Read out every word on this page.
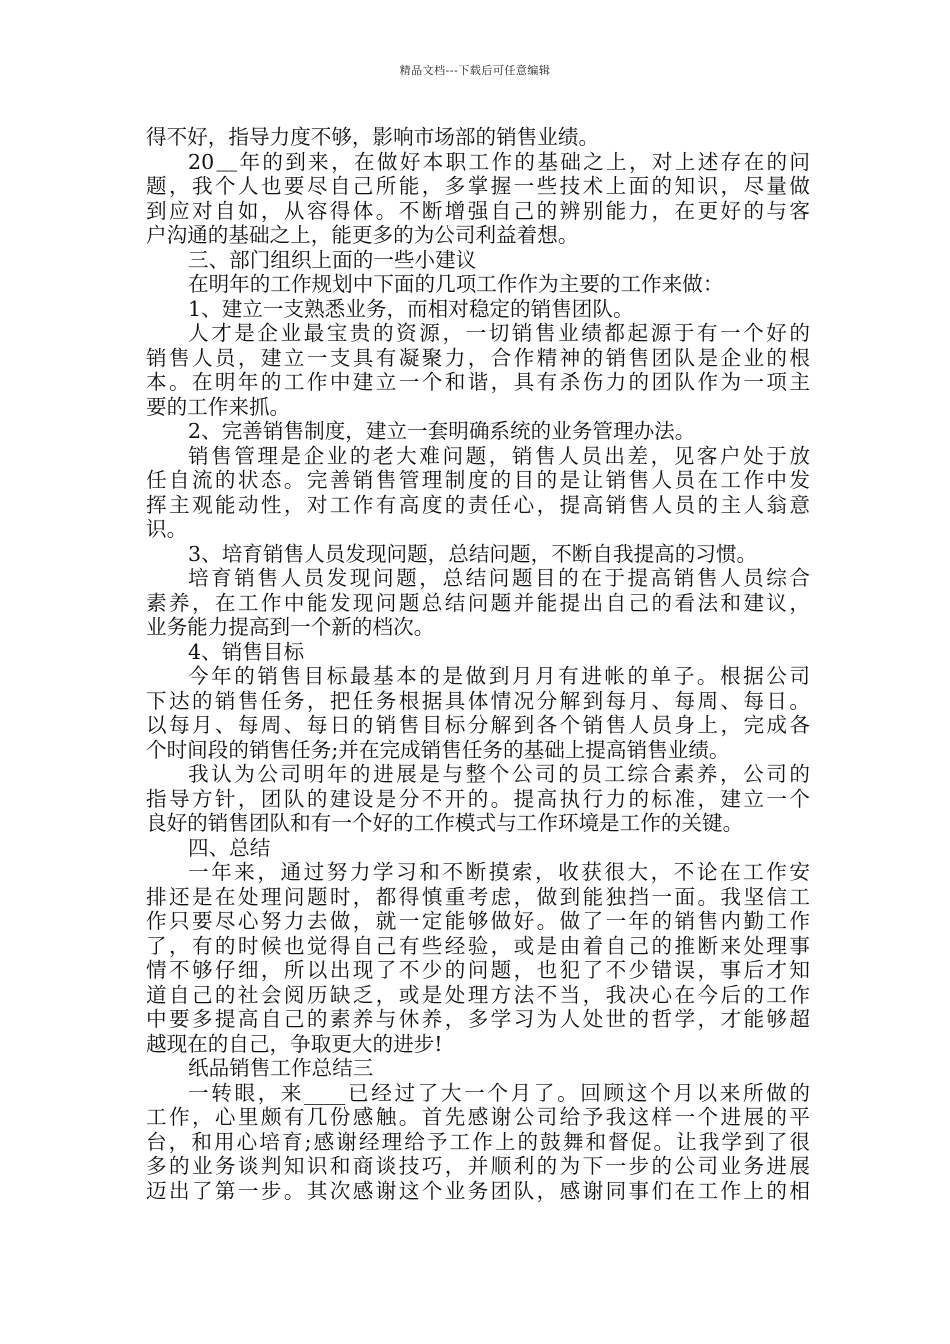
精品文档---下载后可任意编辑
得不好，指导力度不够，影响市场部的销售业绩。
20＿年的到来，在做好本职工作的基础之上，对上述存在的问
题，我个人也要尽自己所能，多掌握一些技术上面的知识，尽量做
到应对自如，从容得体。不断增强自己的辨别能力，在更好的与客
户沟通的基础之上，能更多的为公司利益着想。
三、部门组织上面的一些小建议
在明年的工作规划中下面的几项工作作为主要的工作来做：
1、建立一支熟悉业务，而相对稳定的销售团队。
人才是企业最宝贵的资源，一切销售业绩都起源于有一个好的
销售人员，建立一支具有凝聚力，合作精神的销售团队是企业的根
本。在明年的工作中建立一个和谐，具有杀伤力的团队作为一项主
要的工作来抓。
2、完善销售制度，建立一套明确系统的业务管理办法。
销售管理是企业的老大难问题，销售人员出差，见客户处于放
任自流的状态。完善销售管理制度的目的是让销售人员在工作中发
挥主观能动性，对工作有高度的责任心，提高销售人员的主人翁意
识。
3、培育销售人员发现问题，总结问题，不断自我提高的习惯。
培育销售人员发现问题，总结问题目的在于提高销售人员综合
素养，在工作中能发现问题总结问题并能提出自己的看法和建议，
业务能力提高到一个新的档次。
4、销售目标
今年的销售目标最基本的是做到月月有进帐的单子。根据公司
下达的销售任务，把任务根据具体情况分解到每月、每周、每日。
以每月、每周、每日的销售目标分解到各个销售人员身上，完成各
个时间段的销售任务;并在完成销售任务的基础上提高销售业绩。
我认为公司明年的进展是与整个公司的员工综合素养，公司的
指导方针，团队的建设是分不开的。提高执行力的标准，建立一个
良好的销售团队和有一个好的工作模式与工作环境是工作的关键。
四、总结
一年来，通过努力学习和不断摸索，收获很大，不论在工作安
排还是在处理问题时，都得慎重考虑，做到能独挡一面。我坚信工
作只要尽心努力去做，就一定能够做好。做了一年的销售内勤工作
了，有的时候也觉得自己有些经验，或是由着自己的推断来处理事
情不够仔细，所以出现了不少的问题，也犯了不少错误，事后才知
道自己的社会阅历缺乏，或是处理方法不当，我决心在今后的工作
中要多提高自己的素养与休养，多学习为人处世的哲学，才能够超
越现在的自己，争取更大的进步!
纸品销售工作总结三
一转眼，来____已经过了大一个月了。回顾这个月以来所做的
工作，心里颇有几份感触。首先感谢公司给予我这样一个进展的平
台，和用心培育;感谢经理给予工作上的鼓舞和督促。让我学到了很
多的业务谈判知识和商谈技巧，并顺利的为下一步的公司业务进展
迈出了第一步。其次感谢这个业务团队，感谢同事们在工作上的相
